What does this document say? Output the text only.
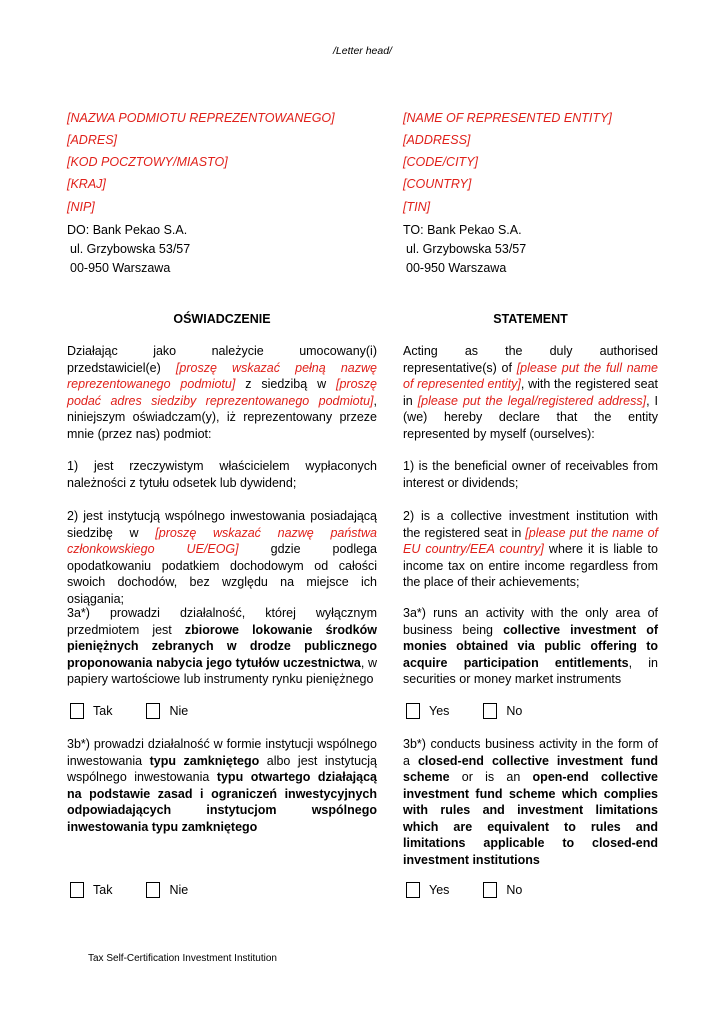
/Letter head/
[NAZWA PODMIOTU REPREZENTOWANEGO]
[ADRES]
[KOD POCZTOWY/MIASTO]
[KRAJ]
[NIP]
[NAME OF REPRESENTED ENTITY]
[ADDRESS]
[CODE/CITY]
[COUNTRY]
[TIN]
DO: Bank Pekao S.A.
ul. Grzybowska 53/57
00-950 Warszawa
TO: Bank Pekao S.A.
ul. Grzybowska 53/57
00-950 Warszawa
OŚWIADCZENIE	STATEMENT
Działając jako należycie umocowany(i) przedstawiciel(e) [proszę wskazać pełną nazwę reprezentowanego podmiotu] z siedzibą w [proszę podać adres siedziby reprezentowanego podmiotu], niniejszym oświadczam(y), iż reprezentowany przeze mnie (przez nas) podmiot:
Acting as the duly authorised representative(s) of [please put the full name of represented entity], with the registered seat in [please put the legal/registered address], I (we) hereby declare that the entity represented by myself (ourselves):
1) jest rzeczywistym właścicielem wypłaconych należności z tytułu odsetek lub dywidend;
1) is the beneficial owner of receivables from interest or dividends;
2) jest instytucją wspólnego inwestowania posiadającą siedzibę w [proszę wskazać nazwę państwa członkowskiego UE/EOG] gdzie podlega opodatkowaniu podatkiem dochodowym od całości swoich dochodów, bez względu na miejsce ich osiągania;
2) is a collective investment institution with the registered seat in [please put the name of EU country/EEA country] where it is liable to income tax on entire income regardless from the place of their achievements;
3a*) prowadzi działalność, której wyłącznym przedmiotem jest zbiorowe lokowanie środków pieniężnych zebranych w drodze publicznego proponowania nabycia jego tytułów uczestnictwa, w papiery wartościowe lub instrumenty rynku pieniężnego
3a*) runs an activity with the only area of business being collective investment of monies obtained via public offering to acquire participation entitlements, in securities or money market instruments
Tak	Nie	Yes	No
3b*) prowadzi działalność w formie instytucji wspólnego inwestowania typu zamkniętego albo jest instytucją wspólnego inwestowania typu otwartego działającą na podstawie zasad i ograniczeń inwestycyjnych odpowiadających instytucjom wspólnego inwestowania typu zamkniętego
3b*) conducts business activity in the form of a closed-end collective investment fund scheme or is an open-end collective investment fund scheme which complies with rules and investment limitations which are equivalent to rules and limitations applicable to closed-end investment institutions
Tak	Nie	Yes	No
Tax Self-Certification Investment Institution
